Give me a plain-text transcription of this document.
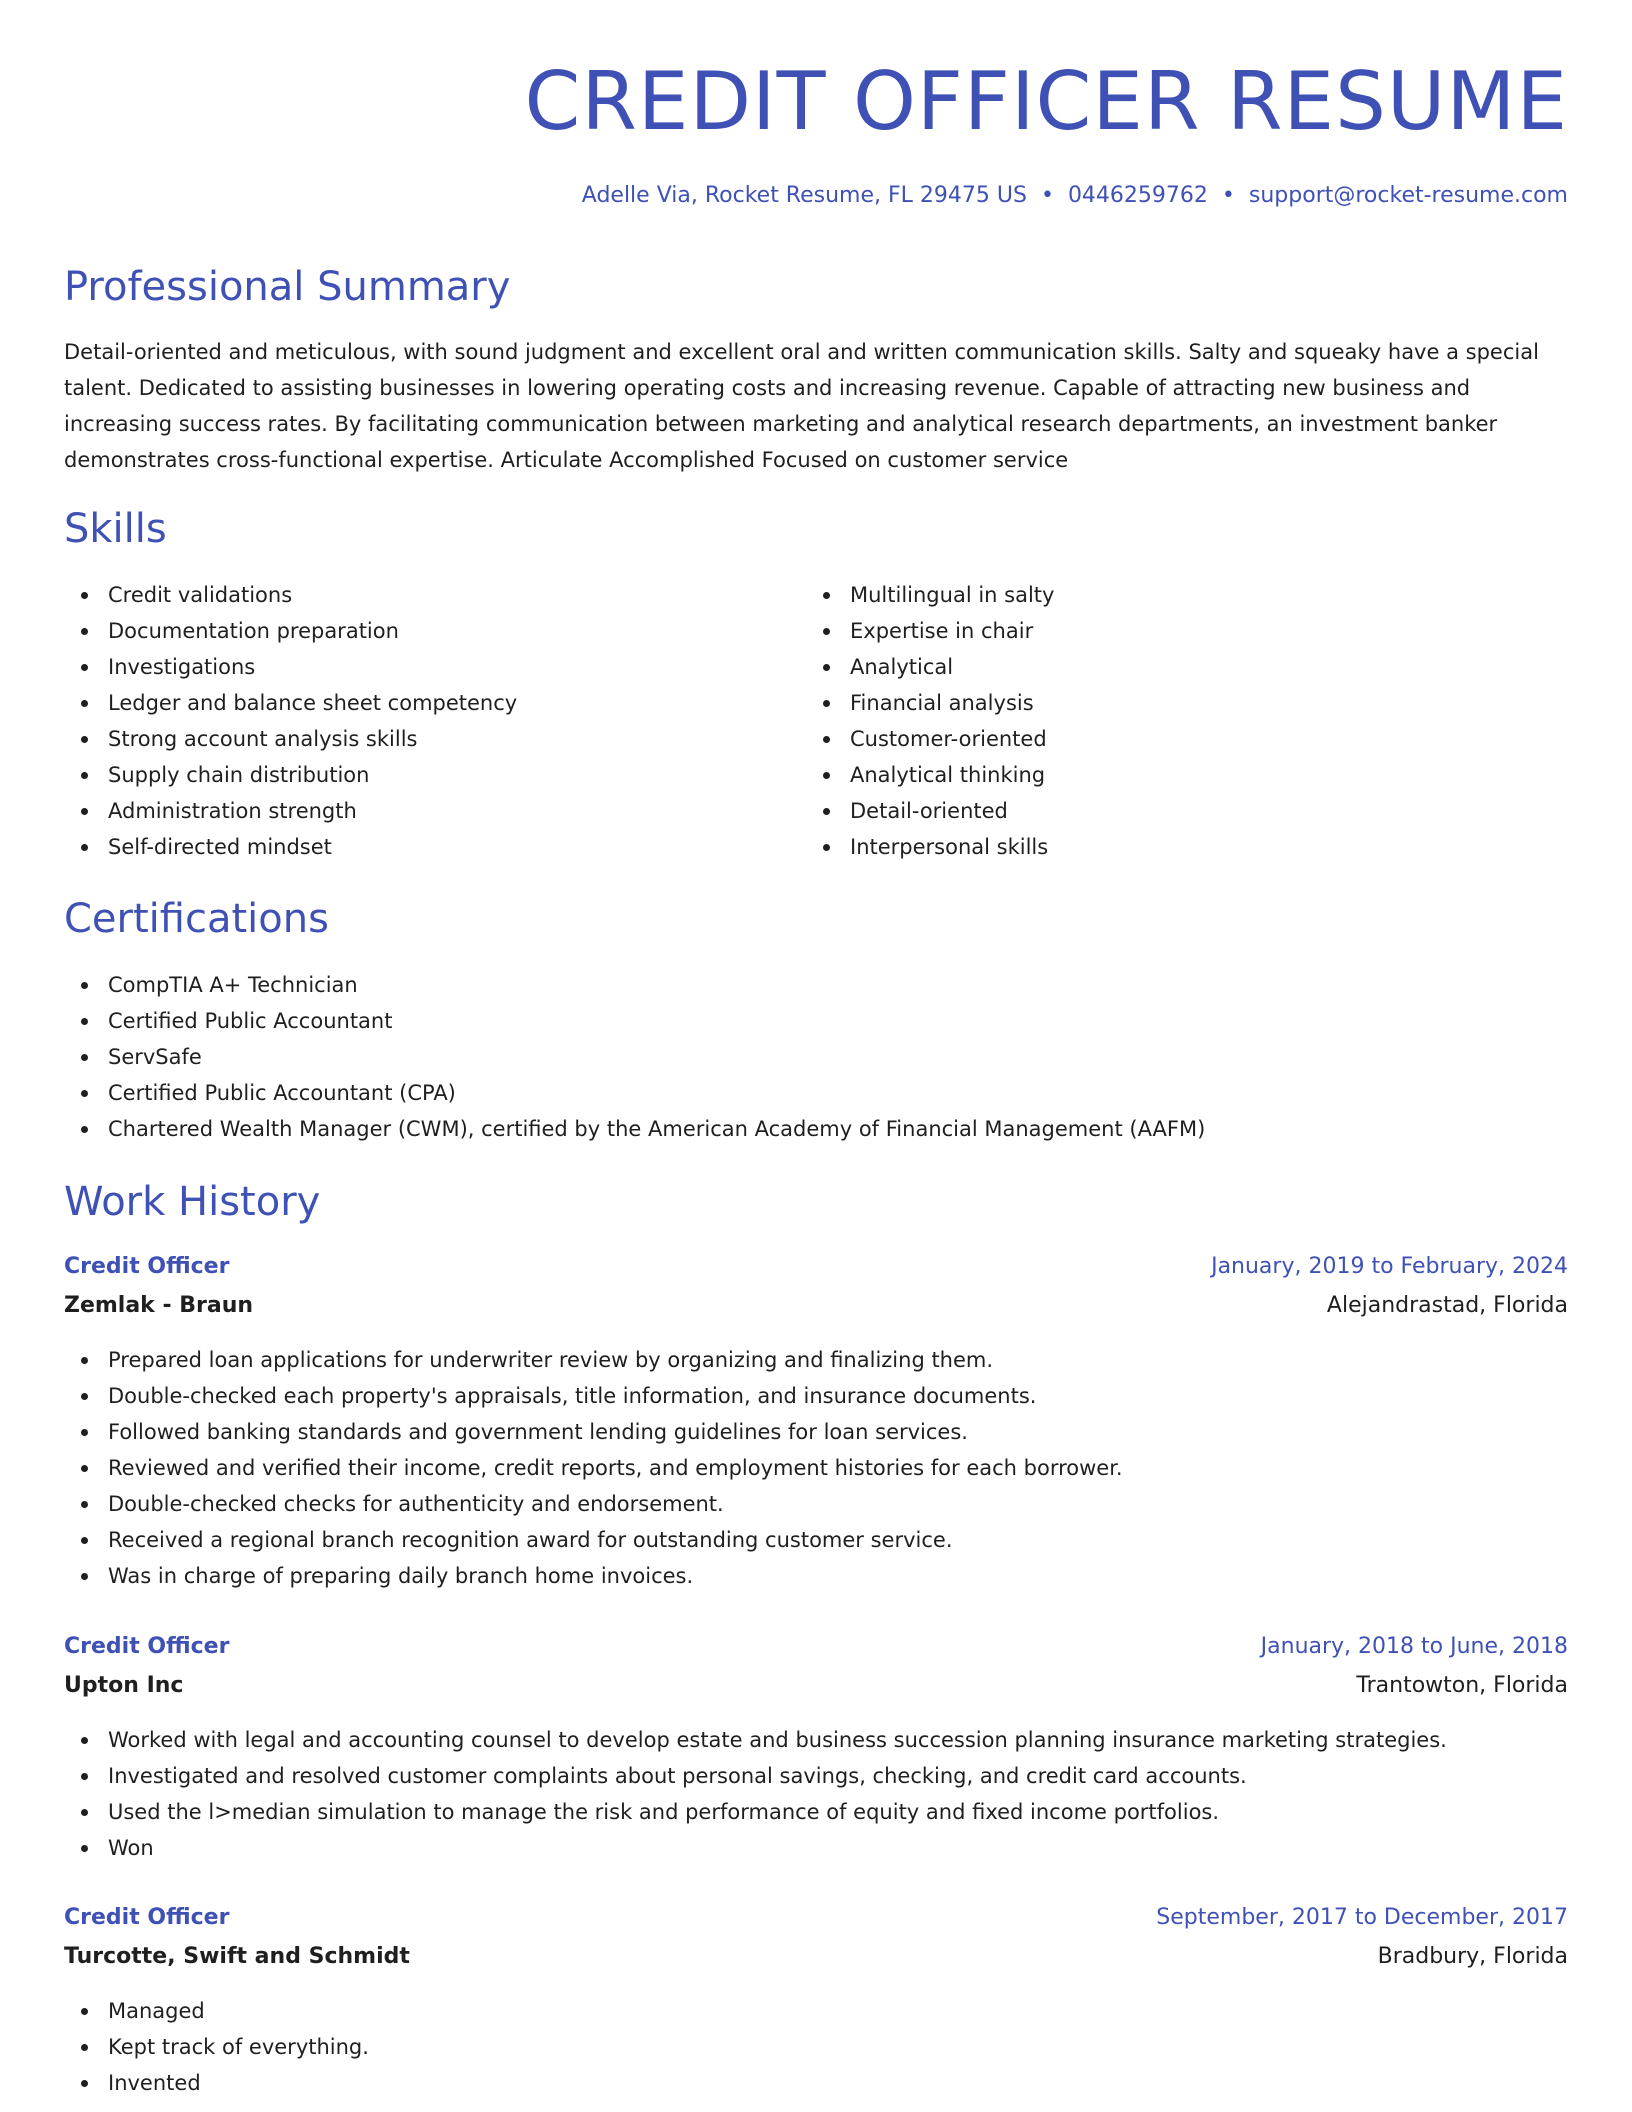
CREDIT OFFICER RESUME
Adelle Via, Rocket Resume, FL 29475 US • 0446259762 • support@rocket-resume.com
Professional Summary

Detail-oriented and meticulous, with sound judgment and excellent oral and written communication skills. Salty and squeaky have a special talent. Dedicated to assisting businesses in lowering operating costs and increasing revenue. Capable of attracting new business and increasing success rates. By facilitating communication between marketing and analytical research departments, an investment banker demonstrates cross-functional expertise. Articulate Accomplished Focused on customer service

Skills
Credit validations
Documentation preparation
Investigations
Ledger and balance sheet competency
Strong account analysis skills
Supply chain distribution
Administration strength
Self-directed mindset
Multilingual in salty
Expertise in chair
Analytical
Financial analysis
Customer-oriented
Analytical thinking
Detail-oriented
Interpersonal skills
Certifications
CompTIA A+ Technician
Certified Public Accountant
ServSafe
Certified Public Accountant (CPA)
Chartered Wealth Manager (CWM), certified by the American Academy of Financial Management (AAFM)
Work History
Credit Officer	January, 2019 to February, 2024
Zemlak - Braun	Alejandrastad, Florida
Prepared loan applications for underwriter review by organizing and finalizing them.
Double-checked each property's appraisals, title information, and insurance documents.
Followed banking standards and government lending guidelines for loan services.
Reviewed and verified their income, credit reports, and employment histories for each borrower.
Double-checked checks for authenticity and endorsement.
Received a regional branch recognition award for outstanding customer service.
Was in charge of preparing daily branch home invoices.
Credit Officer	January, 2018 to June, 2018
Upton Inc	Trantowton, Florida
Worked with legal and accounting counsel to develop estate and business succession planning insurance marketing strategies.
Investigated and resolved customer complaints about personal savings, checking, and credit card accounts.
Used the l>median simulation to manage the risk and performance of equity and fixed income portfolios.
Won
Credit Officer	September, 2017 to December, 2017
Turcotte, Swift and Schmidt	Bradbury, Florida
Managed
Kept track of everything.
Invented
